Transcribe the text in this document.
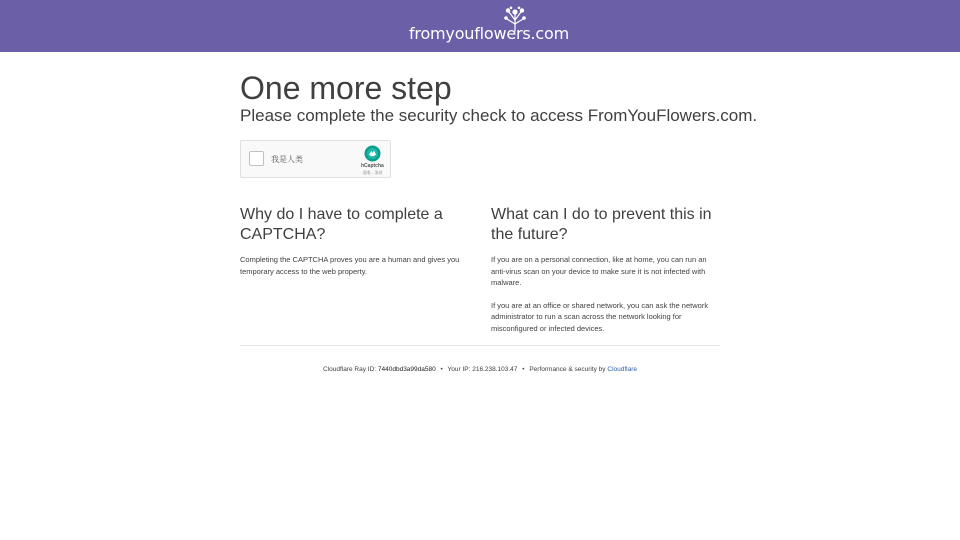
fromyouflowers.com
One more step
Please complete the security check to access FromYouFlowers.com.
我是人类
hCaptcha
隐私 - 条款
Why do I have to complete a CAPTCHA?

Completing the CAPTCHA proves you are a human and gives you temporary access to the web property.

What can I do to prevent this in the future?

If you are on a personal connection, like at home, you can run an anti-virus scan on your device to make sure it is not infected with malware.

If you are at an office or shared network, you can ask the network administrator to run a scan across the network looking for misconfigured or infected devices.

Cloudflare Ray ID: 7440dbd3a99da580 • Your IP: 216.238.103.47 • Performance & security by Cloudflare
